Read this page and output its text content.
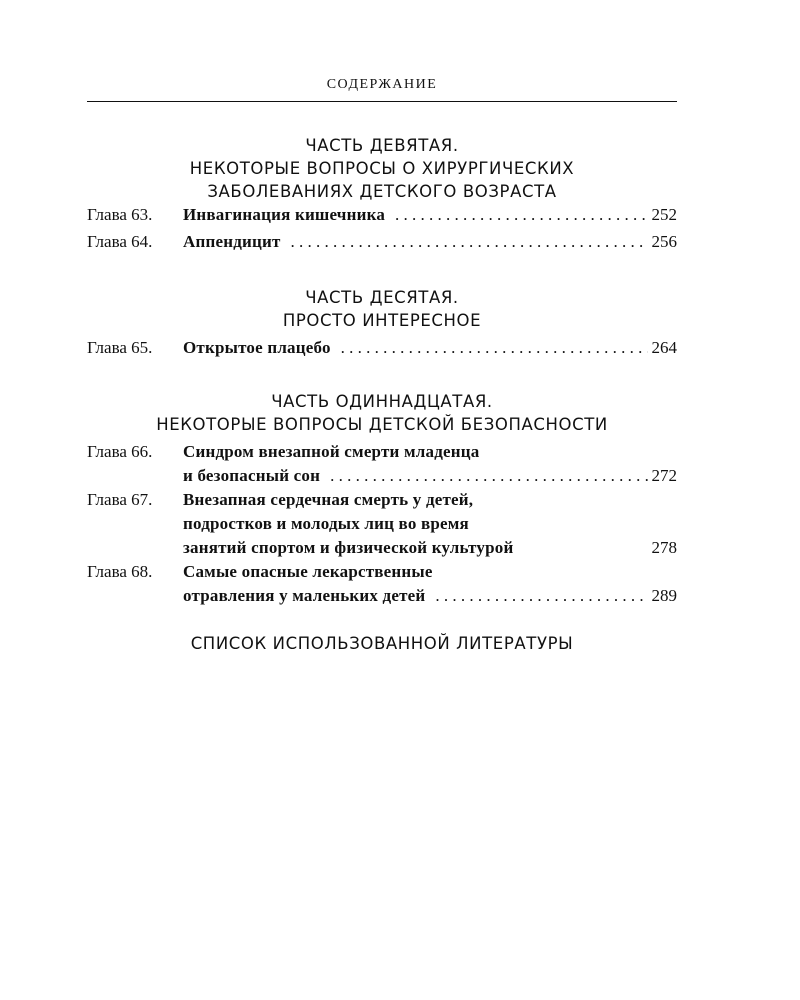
СОДЕРЖАНИЕ
ЧАСТЬ ДЕВЯТАЯ.
НЕКОТОРЫЕ ВОПРОСЫ О ХИРУРГИЧЕСКИХ
ЗАБОЛЕВАНИЯХ ДЕТСКОГО ВОЗРАСТА
Глава 63. Инвагинация кишечника . . .	252
Глава 64. Аппендицит . . .	256
ЧАСТЬ ДЕСЯТАЯ.
ПРОСТО ИНТЕРЕСНОЕ
Глава 65. Открытое плацебо . . .	264
ЧАСТЬ ОДИННАДЦАТАЯ.
НЕКОТОРЫЕ ВОПРОСЫ ДЕТСКОЙ БЕЗОПАСНОСТИ
Глава 66. Синдром внезапной смерти младенца
и безопасный сон . . .	272
Глава 67. Внезапная сердечная смерть у детей,
подростков и молодых лиц во время
занятий спортом и физической культурой	278
Глава 68. Самые опасные лекарственные
отравления у маленьких детей . . .	289
СПИСОК ИСПОЛЬЗОВАННОЙ ЛИТЕРАТУРЫ
